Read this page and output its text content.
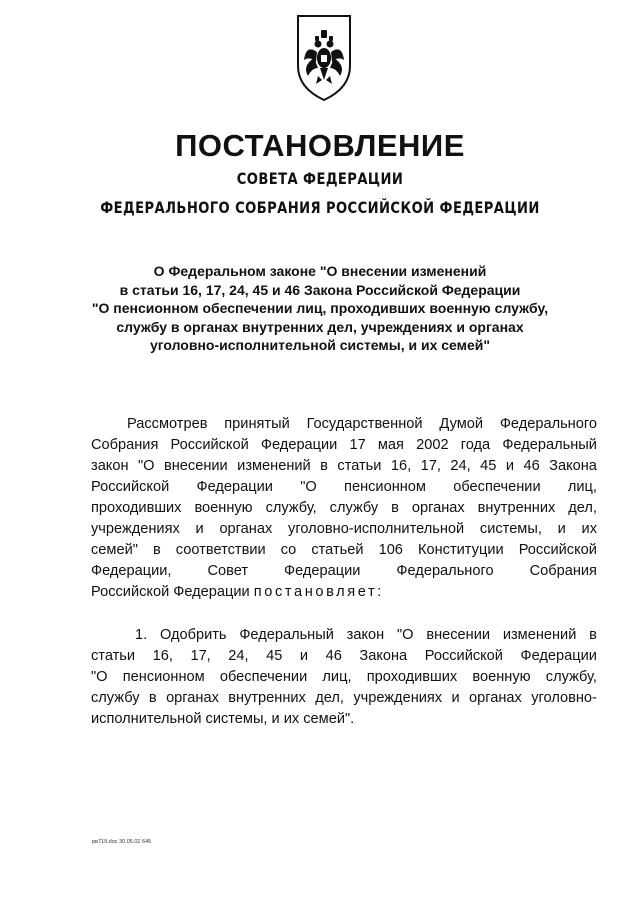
ПОСТАНОВЛЕНИЕ
СОВЕТА ФЕДЕРАЦИИ
ФЕДЕРАЛЬНОГО СОБРАНИЯ РОССИЙСКОЙ ФЕДЕРАЦИИ
О Федеральном законе "О внесении изменений
в статьи 16, 17, 24, 45 и 46 Закона Российской Федерации
"О пенсионном обеспечении лиц, проходивших военную службу,
службу в органах внутренних дел, учреждениях и органах
уголовно-исполнительной системы, и их семей"
Рассмотрев принятый Государственной Думой Федерального
Собрания Российской Федерации 17 мая 2002 года Федеральный
закон "О внесении изменений в статьи 16, 17, 24, 45 и 46 Закона
Российской Федерации "О пенсионном обеспечении лиц,
проходивших военную службу, службу в органах внутренних дел,
учреждениях и органах уголовно-исполнительной системы, и их
семей" в соответствии со статьей 106 Конституции Российской
Федерации, Совет Федерации Федерального Собрания
Российской Федерации постановляет:
1. Одобрить Федеральный закон "О внесении изменений в
статьи 16, 17, 24, 45 и 46 Закона Российской Федерации
"О пенсионном обеспечении лиц, проходивших военную службу,
службу в органах внутренних дел, учреждениях и органах уголовно-
исполнительной системы, и их семей".
рв719.doc 30.05.02 645
